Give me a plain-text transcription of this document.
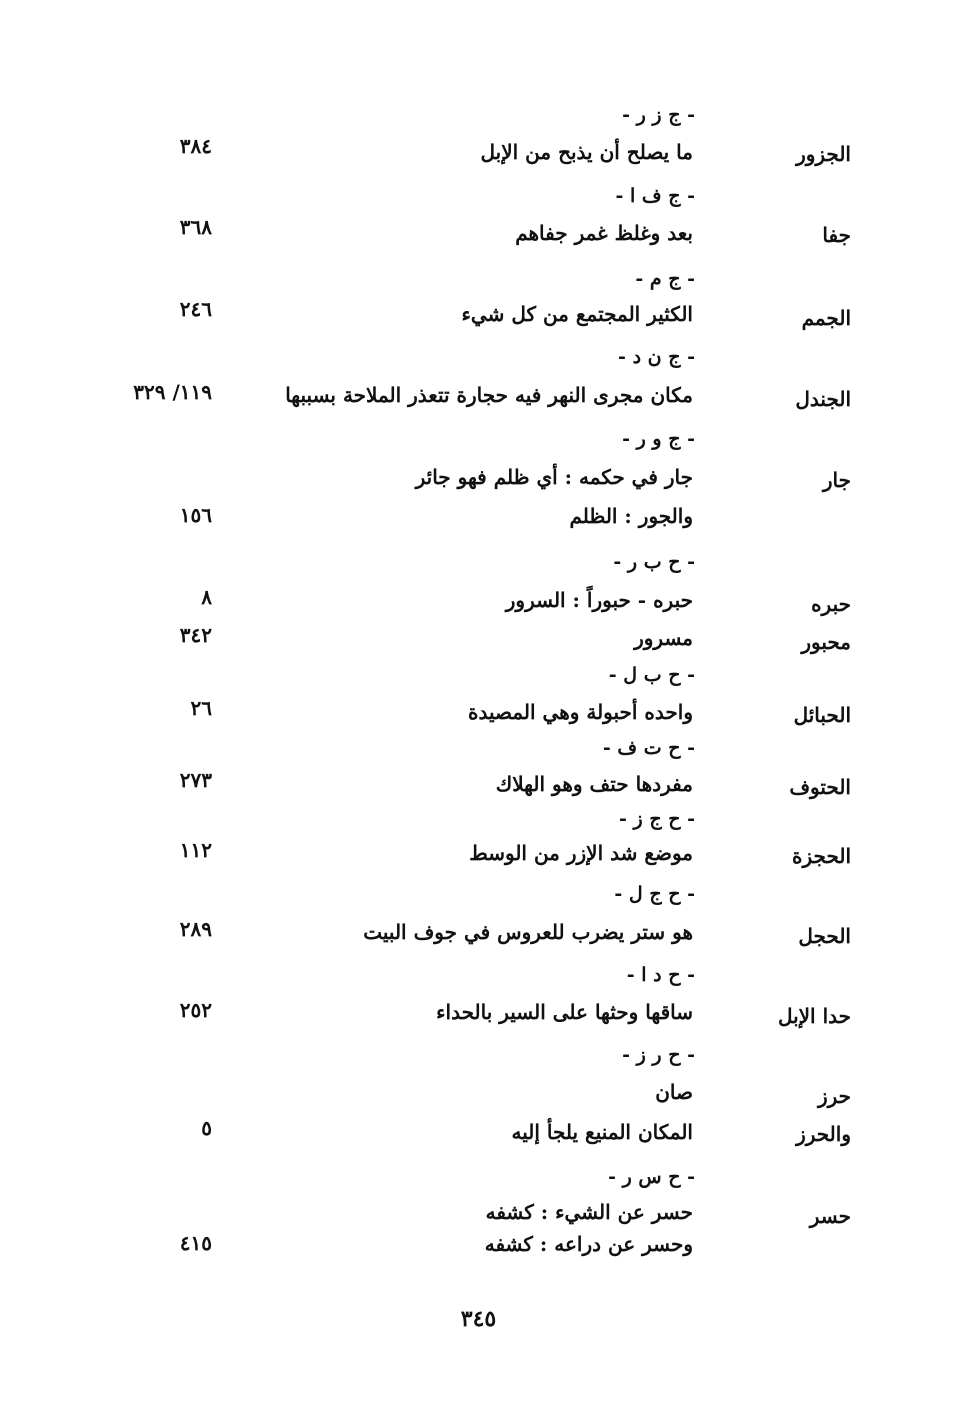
- ج ز ر -
الجزور
ما يصلح أن يذبح من الإبل
٣٨٤
- ج ف ا -
جفا
بعد وغلظ غمر جفاهم
٣٦٨
- ج م -
الجمم
الكثير المجتمع من كل شيء
٢٤٦
- ج ن د -
الجندل
مكان مجرى النهر فيه حجارة تتعذر الملاحة بسببها
١١٩/ ٣٢٩
- ج و ر -
جار
جار في حكمه : أي ظلم فهو جائر
والجور : الظلم
١٥٦
- ح ب ر -
حبره
حبره - حبوراً : السرور
٨
محبور
مسرور
٣٤٢
- ح ب ل -
الحبائل
واحده أحبولة وهي المصيدة
٢٦
- ح ت ف -
الحتوف
مفردها حتف وهو الهلاك
٢٧٣
- ح ج ز -
الحجزة
موضع شد الإزر من الوسط
١١٢
- ح ج ل -
الحجل
هو ستر يضرب للعروس في جوف البيت
٢٨٩
- ح د ا -
حدا الإبل
ساقها وحثها على السير بالحداء
٢٥٢
- ح ر ز -
حرز
صان
والحرز
المكان المنيع يلجأ إليه
٥
- ح س ر -
حسر
حسر عن الشيء : كشفه
وحسر عن دراعه : كشفه
٤١٥
٣٤٥
